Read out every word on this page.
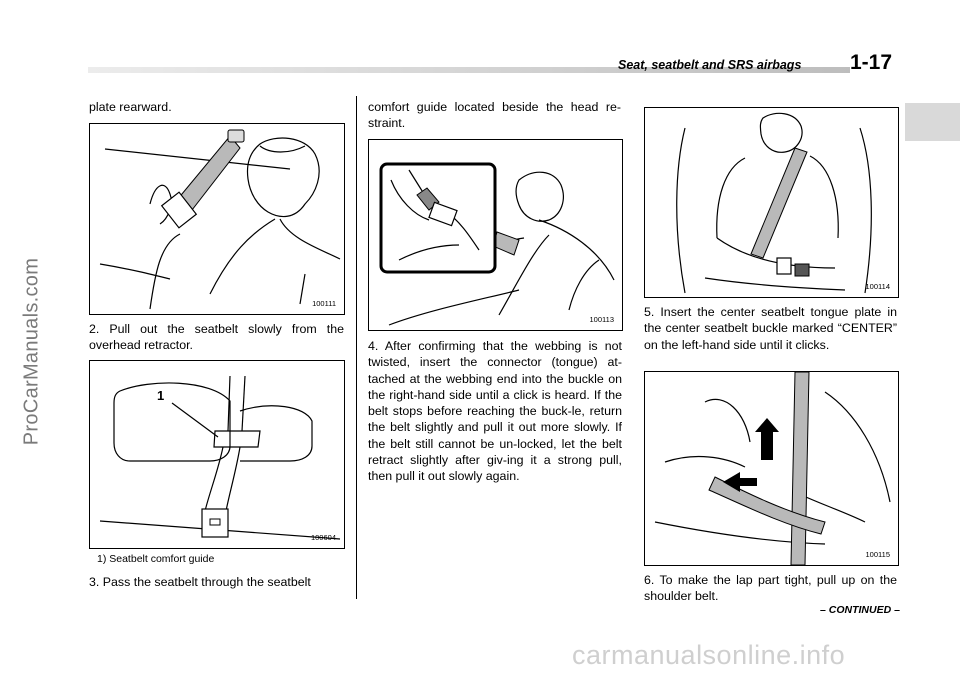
ProCarManuals.com
Seat, seatbelt and SRS airbags 1-17

plate rearward.

100111

2. Pull out the seatbelt slowly from the overhead retractor.

100604
1
1) Seatbelt comfort guide

3. Pass the seatbelt through the seatbelt

comfort guide located beside the head re-straint.

100113

4. After confirming that the webbing is not twisted, insert the connector (tongue) at-tached at the webbing end into the buckle on the right-hand side until a click is heard. If the belt stops before reaching the buck-le, return the belt slightly and pull it out more slowly. If the belt still cannot be un-locked, let the belt retract slightly after giv-ing it a strong pull, then pull it out slowly again.

100114

5. Insert the center seatbelt tongue plate in the center seatbelt buckle marked “CENTER” on the left-hand side until it clicks.

100115

6. To make the lap part tight, pull up on the shoulder belt.

– CONTINUED –
carmanualsonline.info
